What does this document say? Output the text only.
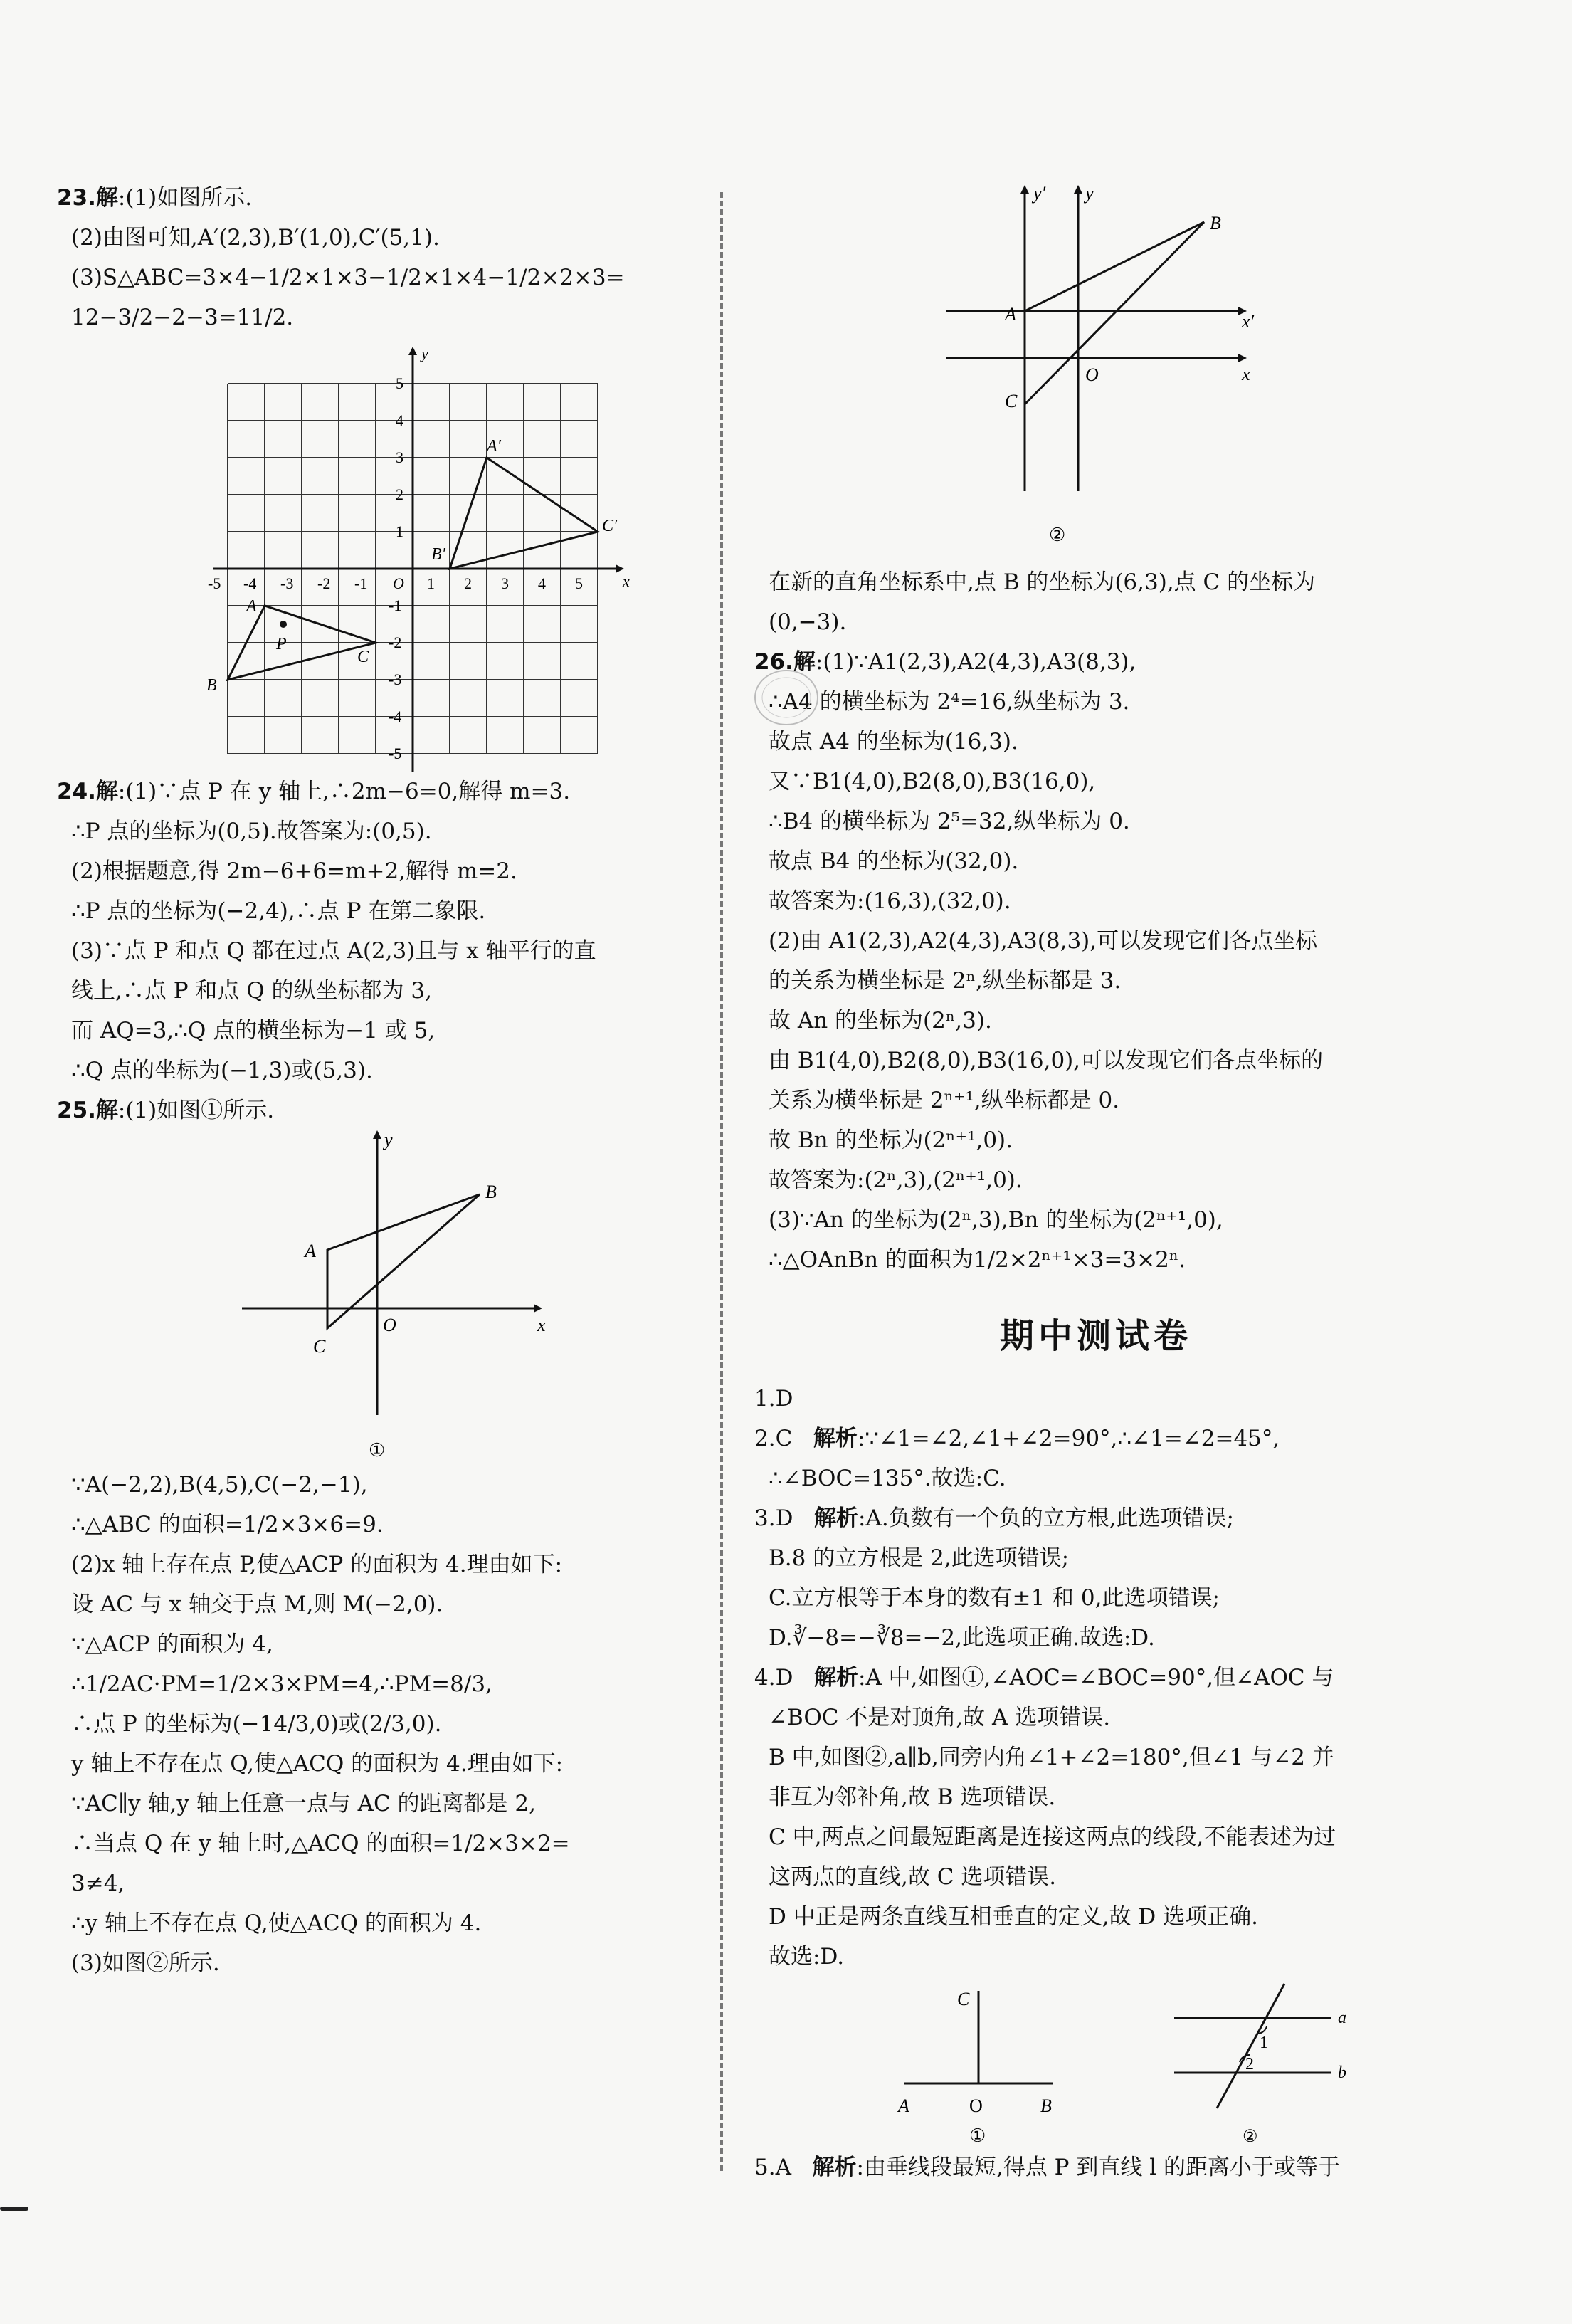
23.解:(1)如图所示.

(2)由图可知,A′(2,3),B′(1,0),C′(5,1).

(3)S△ABC=3×4−1/2×1×3−1/2×1×4−1/2×2×3=

12−3/2−2−3=11/2.

x
y
-5 -4 -3 -2 -1 O 1 2 3 4 5
5
4
3
2
1
-1
-2
-3
-4
-5
A
B
C
P
A′
B′
C′

24.解:(1)∵点 P 在 y 轴上,∴2m−6=0,解得 m=3.

∴P 点的坐标为(0,5).故答案为:(0,5).

(2)根据题意,得 2m−6+6=m+2,解得 m=2.

∴P 点的坐标为(−2,4),∴点 P 在第二象限.

(3)∵点 P 和点 Q 都在过点 A(2,3)且与 x 轴平行的直

线上,∴点 P 和点 Q 的纵坐标都为 3,

而 AQ=3,∴Q 点的横坐标为−1 或 5,

∴Q 点的坐标为(−1,3)或(5,3).

25.解:(1)如图①所示.

A
B
C
O	x
y
①

∵A(−2,2),B(4,5),C(−2,−1),

∴△ABC 的面积=1/2×3×6=9.

(2)x 轴上存在点 P,使△ACP 的面积为 4.理由如下:

设 AC 与 x 轴交于点 M,则 M(−2,0).

∵△ACP 的面积为 4,

∴1/2AC·PM=1/2×3×PM=4,∴PM=8/3,

∴点 P 的坐标为(−14/3,0)或(2/3,0).

y 轴上不存在点 Q,使△ACQ 的面积为 4.理由如下:

∵AC∥y 轴,y 轴上任意一点与 AC 的距离都是 2,

∴当点 Q 在 y 轴上时,△ACQ 的面积=1/2×3×2=

3≠4,

∴y 轴上不存在点 Q,使△ACQ 的面积为 4.

(3)如图②所示.

A
B
C
O
x′
x
y′ y
②

在新的直角坐标系中,点 B 的坐标为(6,3),点 C 的坐标为

(0,−3).

26.解:(1)∵A1(2,3),A2(4,3),A3(8,3),

∴A4 的横坐标为 2⁴=16,纵坐标为 3.

故点 A4 的坐标为(16,3).

又∵B1(4,0),B2(8,0),B3(16,0),

∴B4 的横坐标为 2⁵=32,纵坐标为 0.

故点 B4 的坐标为(32,0).

故答案为:(16,3),(32,0).

(2)由 A1(2,3),A2(4,3),A3(8,3),可以发现它们各点坐标

的关系为横坐标是 2ⁿ,纵坐标都是 3.

故 An 的坐标为(2ⁿ,3).

由 B1(4,0),B2(8,0),B3(16,0),可以发现它们各点坐标的

关系为横坐标是 2ⁿ⁺¹,纵坐标都是 0.

故 Bn 的坐标为(2ⁿ⁺¹,0).

故答案为:(2ⁿ,3),(2ⁿ⁺¹,0).

(3)∵An 的坐标为(2ⁿ,3),Bn 的坐标为(2ⁿ⁺¹,0),

∴△OAnBn 的面积为1/2×2ⁿ⁺¹×3=3×2ⁿ.

期中测试卷

1.D

2.C 解析:∵∠1=∠2,∠1+∠2=90°,∴∠1=∠2=45°,

∴∠BOC=135°.故选:C.

3.D 解析:A.负数有一个负的立方根,此选项错误;

B.8 的立方根是 2,此选项错误;

C.立方根等于本身的数有±1 和 0,此选项错误;

D.∛−8=−∛8=−2,此选项正确.故选:D.

4.D 解析:A 中,如图①,∠AOC=∠BOC=90°,但∠AOC 与

∠BOC 不是对顶角,故 A 选项错误.

B 中,如图②,a∥b,同旁内角∠1+∠2=180°,但∠1 与∠2 并

非互为邻补角,故 B 选项错误.

C 中,两点之间最短距离是连接这两点的线段,不能表述为过

这两点的直线,故 C 选项错误.

D 中正是两条直线互相垂直的定义,故 D 选项正确.

故选:D.

C
A	O	B
①
a
b
1
2
②

5.A 解析:由垂线段最短,得点 P 到直线 l 的距离小于或等于
